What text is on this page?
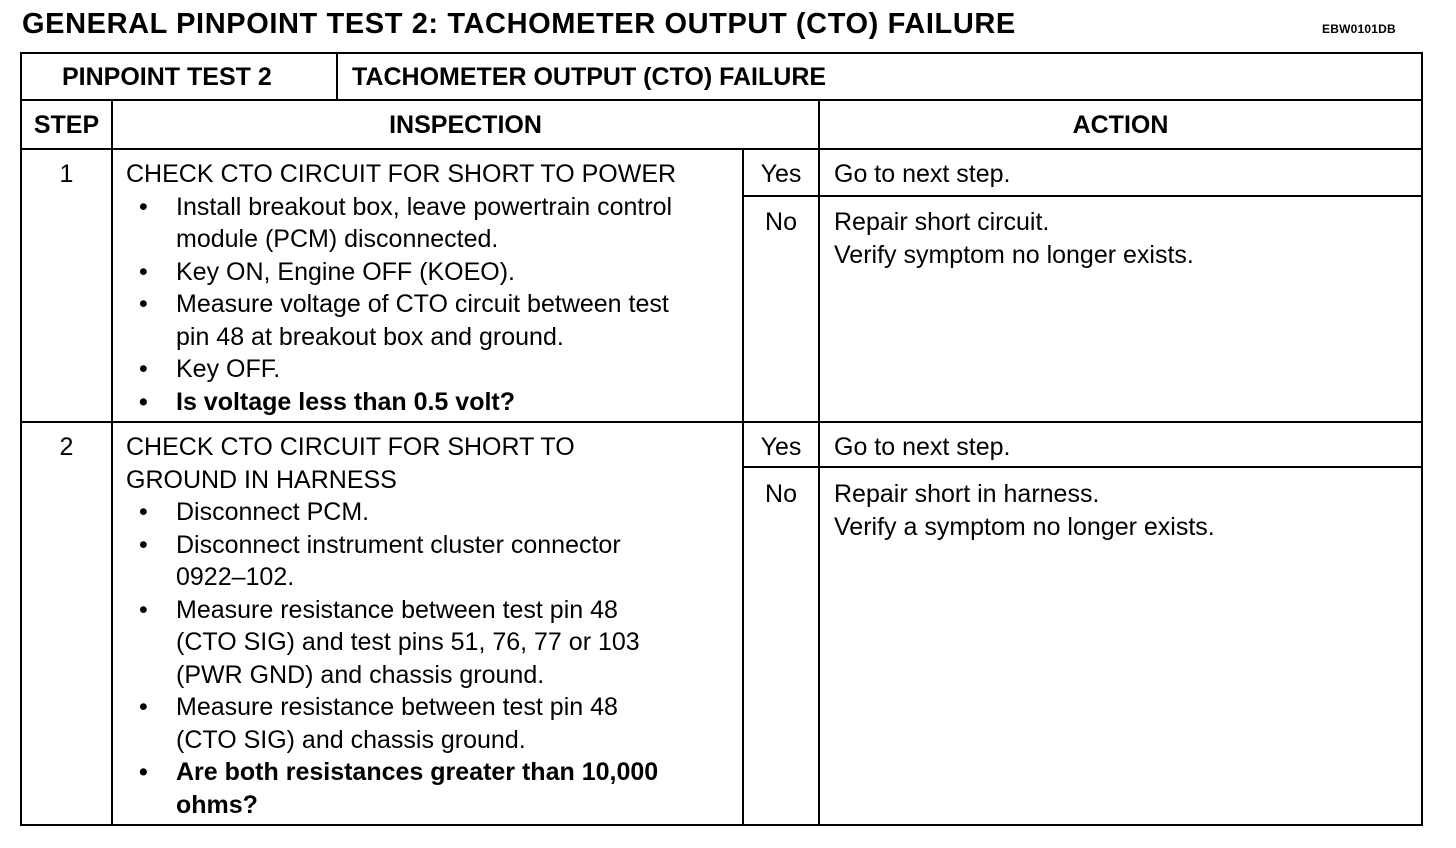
GENERAL PINPOINT TEST 2: TACHOMETER OUTPUT (CTO) FAILURE	EBW0101DB
PINPOINT TEST 2	TACHOMETER OUTPUT (CTO) FAILURE
STEP	INSPECTION	ACTION
1	CHECK CTO CIRCUIT FOR SHORT TO POWER
• Install breakout box, leave powertrain control
module (PCM) disconnected.
• Key ON, Engine OFF (KOEO).
• Measure voltage of CTO circuit between test
pin 48 at breakout box and ground.
• Key OFF.
• Is voltage less than 0.5 volt?
Yes	Go to next step.
No	Repair short circuit.
Verify symptom no longer exists.
2	CHECK CTO CIRCUIT FOR SHORT TO
GROUND IN HARNESS
• Disconnect PCM.
• Disconnect instrument cluster connector
0922–102.
• Measure resistance between test pin 48
(CTO SIG) and test pins 51, 76, 77 or 103
(PWR GND) and chassis ground.
• Measure resistance between test pin 48
(CTO SIG) and chassis ground.
• Are both resistances greater than 10,000
ohms?
Yes	Go to next step.
No	Repair short in harness.
Verify a symptom no longer exists.
